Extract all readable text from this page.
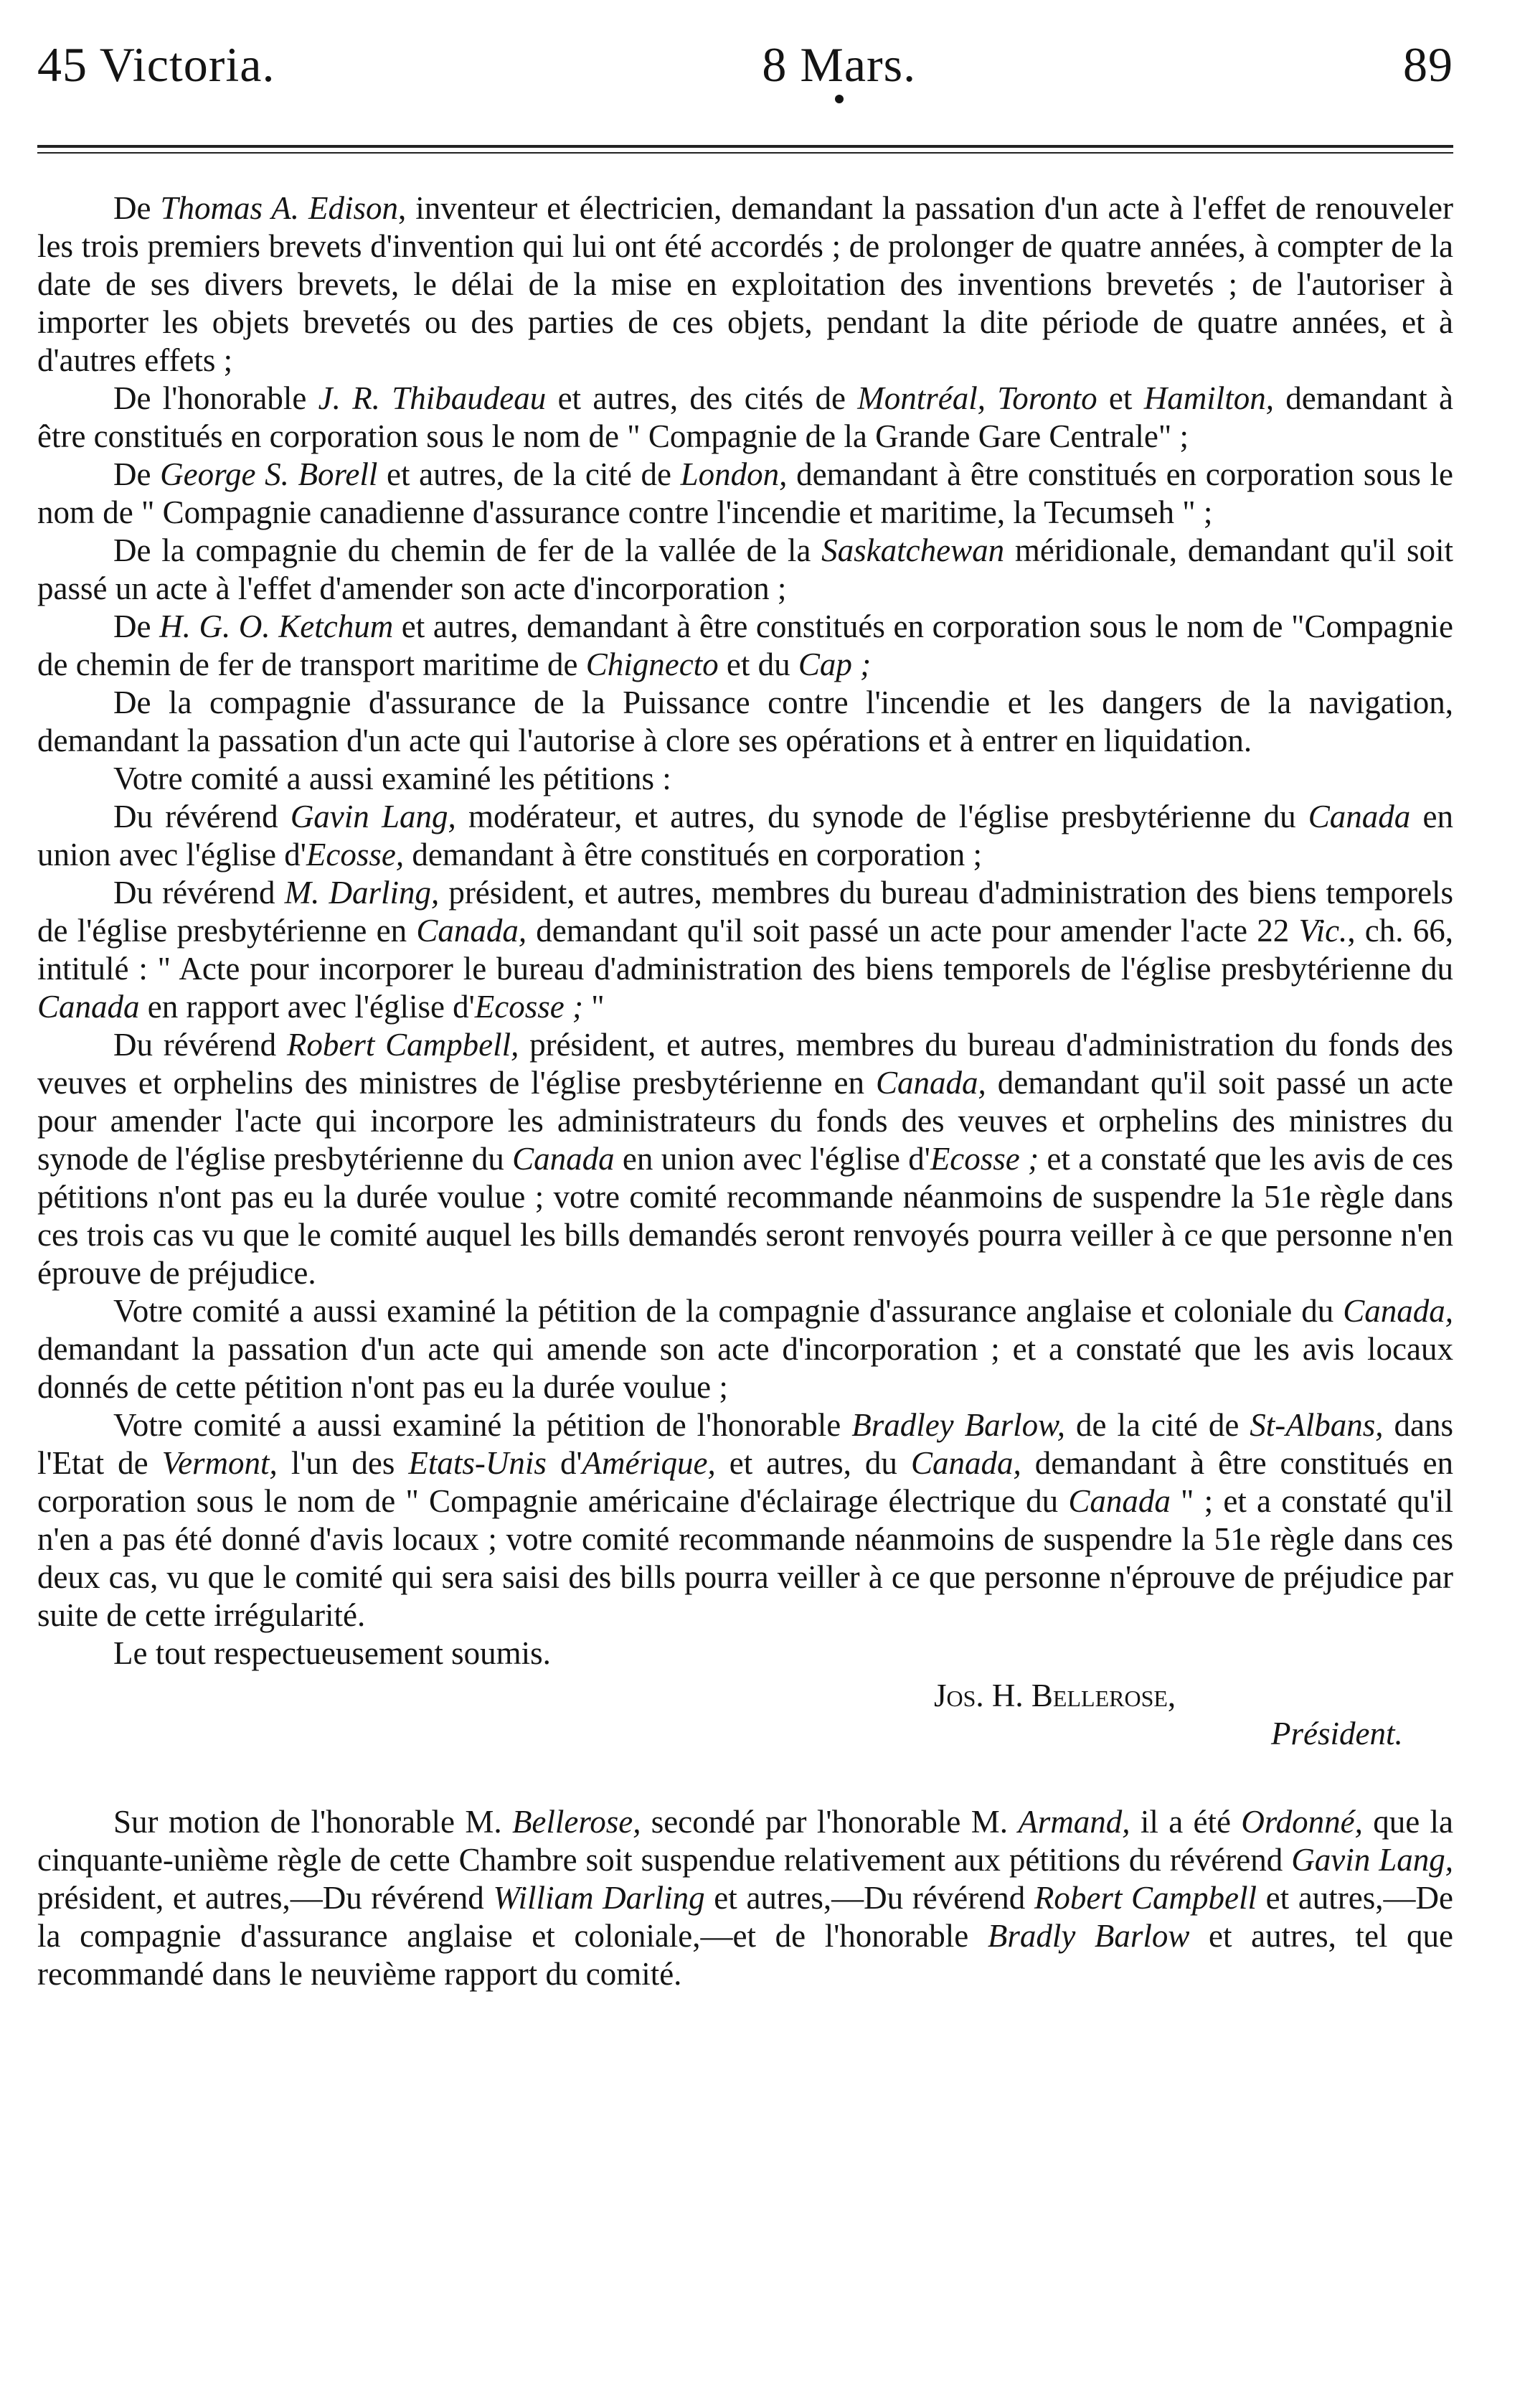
45 Victoria.	8 Mars.	89

De Thomas A. Edison, inventeur et électricien, demandant la passation d'un acte à l'effet de renouveler les trois premiers brevets d'invention qui lui ont été accordés ; de prolonger de quatre années, à compter de la date de ses divers brevets, le délai de la mise en exploitation des inventions brevetés ; de l'autoriser à importer les objets brevetés ou des parties de ces objets, pendant la dite période de quatre années, et à d'autres effets ;

De l'honorable J. R. Thibaudeau et autres, des cités de Montréal, Toronto et Hamilton, demandant à être constitués en corporation sous le nom de " Compagnie de la Grande Gare Centrale" ;

De George S. Borell et autres, de la cité de London, demandant à être constitués en corporation sous le nom de " Compagnie canadienne d'assurance contre l'incendie et maritime, la Tecumseh " ;

De la compagnie du chemin de fer de la vallée de la Saskatchewan méridionale, demandant qu'il soit passé un acte à l'effet d'amender son acte d'incorporation ;

De H. G. O. Ketchum et autres, demandant à être constitués en corporation sous le nom de "Compagnie de chemin de fer de transport maritime de Chignecto et du Cap ;

De la compagnie d'assurance de la Puissance contre l'incendie et les dangers de la navigation, demandant la passation d'un acte qui l'autorise à clore ses opérations et à entrer en liquidation.

Votre comité a aussi examiné les pétitions :

Du révérend Gavin Lang, modérateur, et autres, du synode de l'église presbytérienne du Canada en union avec l'église d'Ecosse, demandant à être constitués en corporation ;

Du révérend M. Darling, président, et autres, membres du bureau d'administration des biens temporels de l'église presbytérienne en Canada, demandant qu'il soit passé un acte pour amender l'acte 22 Vic., ch. 66, intitulé : " Acte pour incorporer le bureau d'administration des biens temporels de l'église presbytérienne du Canada en rapport avec l'église d'Ecosse ; "

Du révérend Robert Campbell, président, et autres, membres du bureau d'administration du fonds des veuves et orphelins des ministres de l'église presbytérienne en Canada, demandant qu'il soit passé un acte pour amender l'acte qui incorpore les administrateurs du fonds des veuves et orphelins des ministres du synode de l'église presbytérienne du Canada en union avec l'église d'Ecosse ; et a constaté que les avis de ces pétitions n'ont pas eu la durée voulue ; votre comité recommande néanmoins de suspendre la 51e règle dans ces trois cas vu que le comité auquel les bills demandés seront renvoyés pourra veiller à ce que personne n'en éprouve de préjudice.

Votre comité a aussi examiné la pétition de la compagnie d'assurance anglaise et coloniale du Canada, demandant la passation d'un acte qui amende son acte d'incorporation ; et a constaté que les avis locaux donnés de cette pétition n'ont pas eu la durée voulue ;

Votre comité a aussi examiné la pétition de l'honorable Bradley Barlow, de la cité de St-Albans, dans l'Etat de Vermont, l'un des Etats-Unis d'Amérique, et autres, du Canada, demandant à être constitués en corporation sous le nom de " Compagnie américaine d'éclairage électrique du Canada " ; et a constaté qu'il n'en a pas été donné d'avis locaux ; votre comité recommande néanmoins de suspendre la 51e règle dans ces deux cas, vu que le comité qui sera saisi des bills pourra veiller à ce que personne n'éprouve de préjudice par suite de cette irrégularité.

Le tout respectueusement soumis.

Jos. H. Bellerose,
Président.

Sur motion de l'honorable M. Bellerose, secondé par l'honorable M. Armand, il a été Ordonné, que la cinquante-unième règle de cette Chambre soit suspendue relativement aux pétitions du révérend Gavin Lang, président, et autres,—Du révérend William Darling et autres,—Du révérend Robert Campbell et autres,—De la compagnie d'assurance anglaise et coloniale,—et de l'honorable Bradly Barlow et autres, tel que recommandé dans le neuvième rapport du comité.
